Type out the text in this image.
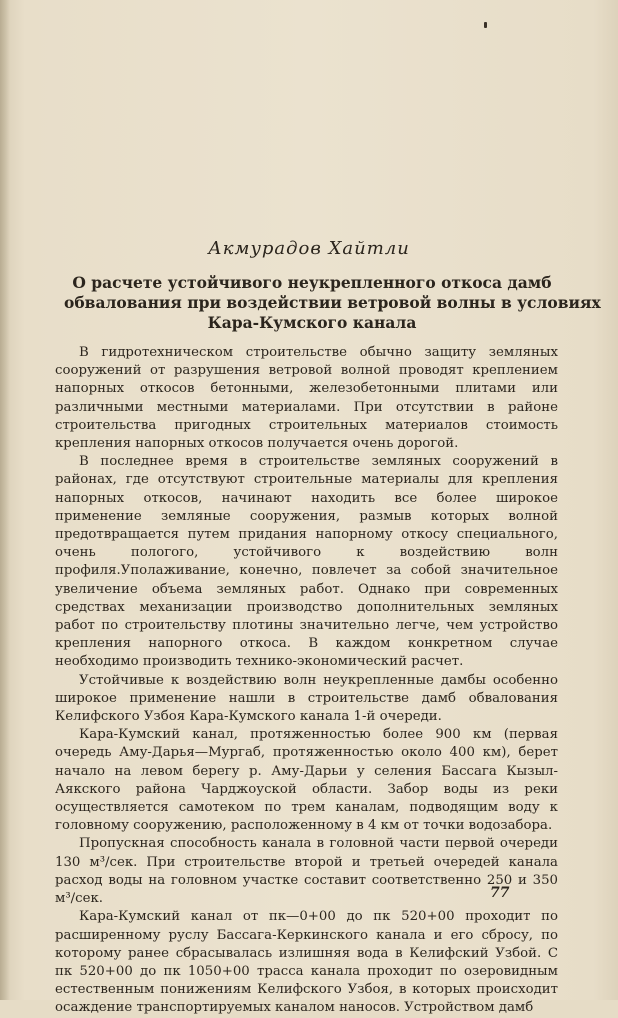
Акмурадов Хайтли
О расчете устойчивого неукрепленного откоса дамб
обвалования при воздействии ветровой волны в условиях
Кара-Кумского канала

В гидротехническом строительстве обычно защиту земляных сооружений от разрушения ветровой волной проводят креплением напорных откосов бетонными, железобетонными плитами или различными местными материалами. При отсутствии в районе строительства пригодных строительных материалов стоимость крепления напорных откосов получается очень дорогой.

В последнее время в строительстве земляных сооружений в районах, где отсутствуют строительные материалы для крепления напорных откосов, начинают находить все более широкое применение земляные сооружения, размыв которых волной предотвращается путем придания напорному откосу специального, очень пологого, устойчивого к воздействию волн профиля.Уполаживание, конечно, повлечет за собой значительное увеличение объема земляных работ. Однако при современных средствах механизации производство дополнительных земляных работ по строительству плотины значительно легче, чем устройство крепления напорного откоса. В каждом конкретном случае необходимо производить технико-экономический расчет.

Устойчивые к воздействию волн неукрепленные дамбы особенно широкое применение нашли в строительстве дамб обвалования Келифского Узбоя Кара-Кумского канала 1-й очереди.

Кара-Кумский канал, протяженностью более 900 км (первая очередь Аму-Дарья—Мургаб, протяженностью около 400 км), берет начало на левом берегу р. Аму-Дарьи у селения Бассага Кызыл-Аякского района Чарджоуской области. Забор воды из реки осуществляется самотеком по трем каналам, подводящим воду к головному сооружению, расположенному в 4 км от точки водозабора.

Пропускная способность канала в головной части первой очереди 130 м³/сек. При строительстве второй и третьей очередей канала расход воды на головном участке составит соответственно 250 и 350 м³/сек.

Кара-Кумский канал от пк—0+00 до пк 520+00 проходит по расширенному руслу Бассага-Керкинского канала и его сбросу, по которому ранее сбрасывалась излишняя вода в Келифский Узбой. С пк 520+00 до пк 1050+00 трасса канала проходит по озеровидным естественным понижениям Келифского Узбоя, в которых происходит осаждение транспортируемых каналом наносов. Устройством дамб

77
